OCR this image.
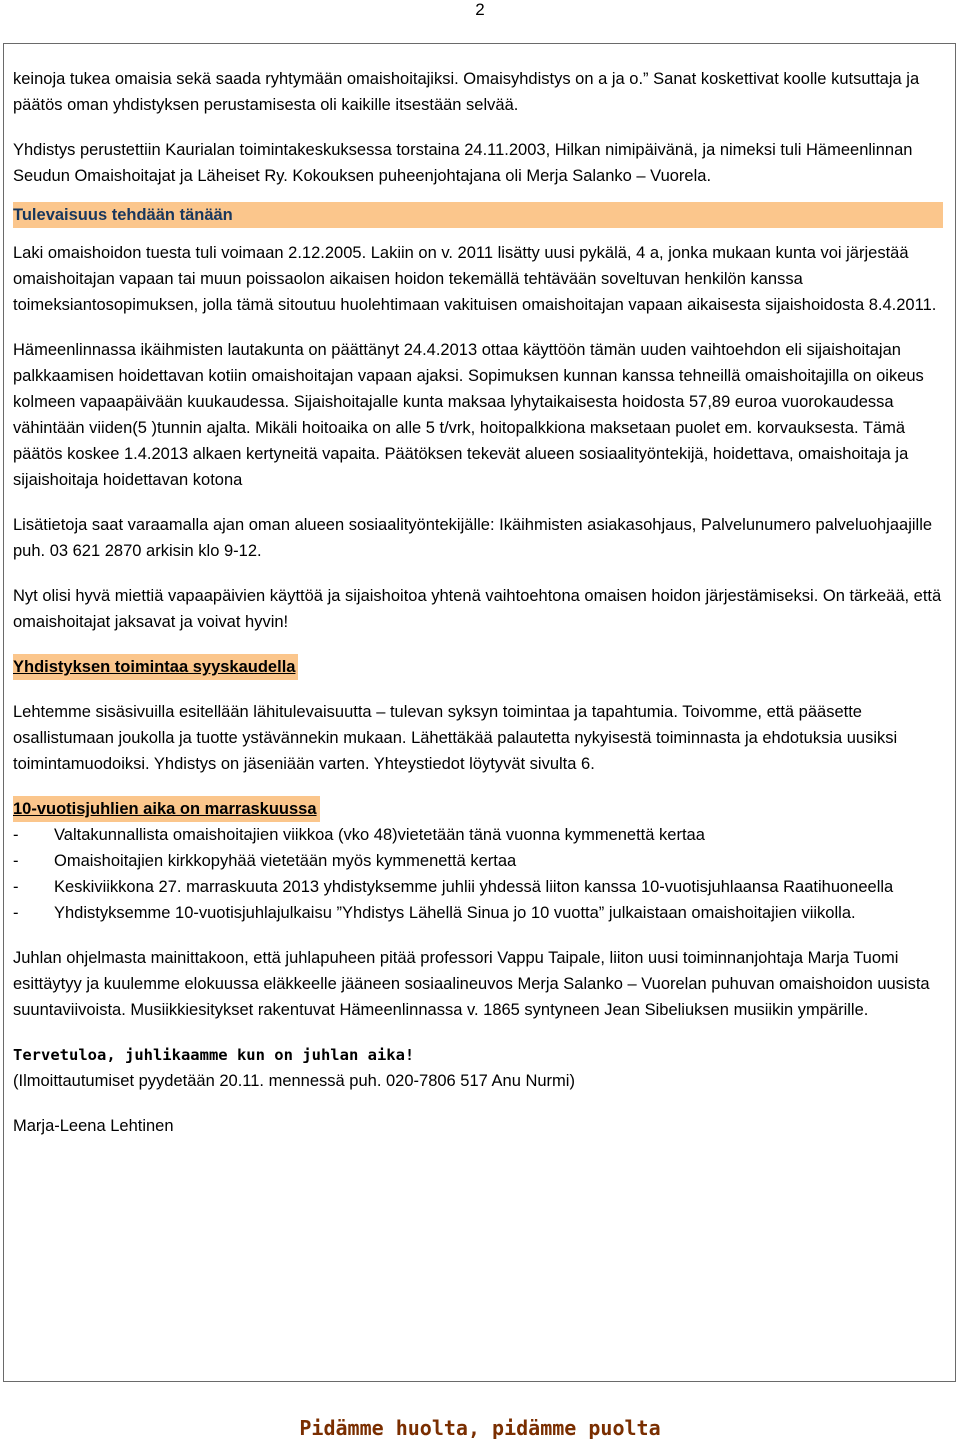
2

keinoja tukea omaisia sekä saada ryhtymään omaishoitajiksi. Omaisyhdistys on a ja o.” Sanat koskettivat koolle kutsuttaja ja päätös oman yhdistyksen perustamisesta oli kaikille itsestään selvää.

Yhdistys perustettiin Kaurialan toimintakeskuksessa torstaina 24.11.2003, Hilkan nimipäivänä, ja nimeksi tuli Hämeenlinnan Seudun Omaishoitajat ja Läheiset Ry. Kokouksen puheenjohtajana oli Merja Salanko – Vuorela.

Tulevaisuus tehdään tänään

Laki omaishoidon tuesta tuli voimaan 2.12.2005. Lakiin on v. 2011 lisätty uusi pykälä, 4 a, jonka mukaan kunta voi järjestää omaishoitajan vapaan tai muun poissaolon aikaisen hoidon tekemällä tehtävään soveltuvan henkilön kanssa toimeksiantosopimuksen, jolla tämä sitoutuu huolehtimaan vakituisen omaishoitajan vapaan aikaisesta sijaishoidosta 8.4.2011.

Hämeenlinnassa ikäihmisten lautakunta on päättänyt 24.4.2013 ottaa käyttöön tämän uuden vaihtoehdon eli sijaishoitajan palkkaamisen hoidettavan kotiin omaishoitajan vapaan ajaksi. Sopimuksen kunnan kanssa tehneillä omaishoitajilla on oikeus kolmeen vapaapäivään kuukaudessa. Sijaishoitajalle kunta maksaa lyhytaikaisesta hoidosta 57,89 euroa vuorokaudessa vähintään viiden(5 )tunnin ajalta. Mikäli hoitoaika on alle 5 t/vrk, hoitopalkkiona maksetaan puolet em. korvauksesta. Tämä päätös koskee 1.4.2013 alkaen kertyneitä vapaita. Päätöksen tekevät alueen sosiaalityöntekijä, hoidettava, omaishoitaja ja sijaishoitaja hoidettavan kotona

Lisätietoja saat varaamalla ajan oman alueen sosiaalityöntekijälle: Ikäihmisten asiakasohjaus, Palvelunumero palveluohjaajille puh. 03 621 2870 arkisin klo 9-12.

Nyt olisi hyvä miettiä vapaapäivien käyttöä ja sijaishoitoa yhtenä vaihtoehtona omaisen hoidon järjestämiseksi. On tärkeää, että omaishoitajat jaksavat ja voivat hyvin!

Yhdistyksen toimintaa syyskaudella

Lehtemme sisäsivuilla esitellään lähitulevaisuutta – tulevan syksyn toimintaa ja tapahtumia. Toivomme, että pääsette osallistumaan joukolla ja tuotte ystävännekin mukaan. Lähettäkää palautetta nykyisestä toiminnasta ja ehdotuksia uusiksi toimintamuodoiksi. Yhdistys on jäseniään varten. Yhteystiedot löytyvät sivulta 6.

10-vuotisjuhlien aika on marraskuussa
- Valtakunnallista omaishoitajien viikkoa (vko 48)vietetään tänä vuonna kymmenettä kertaa
- Omaishoitajien kirkkopyhää vietetään myös kymmenettä kertaa
- Keskiviikkona 27. marraskuuta 2013 yhdistyksemme juhlii yhdessä liiton kanssa 10-vuotisjuhlaansa Raatihuoneella
- Yhdistyksemme 10-vuotisjuhlajulkaisu ”Yhdistys Lähellä Sinua jo 10 vuotta” julkaistaan omaishoitajien viikolla.

Juhlan ohjelmasta mainittakoon, että juhlapuheen pitää professori Vappu Taipale, liiton uusi toiminnanjohtaja Marja Tuomi esittäytyy ja kuulemme elokuussa eläkkeelle jääneen sosiaalineuvos Merja Salanko – Vuorelan puhuvan omaishoidon uusista suuntaviivoista. Musiikkiesitykset rakentuvat Hämeenlinnassa v. 1865 syntyneen Jean Sibeliuksen musiikin ympärille.

Tervetuloa, juhlikaamme kun on juhlan aika!

(Ilmoittautumiset pyydetään 20.11. mennessä puh. 020-7806 517 Anu Nurmi)

Marja-Leena Lehtinen

Pidämme huolta, pidämme puolta
